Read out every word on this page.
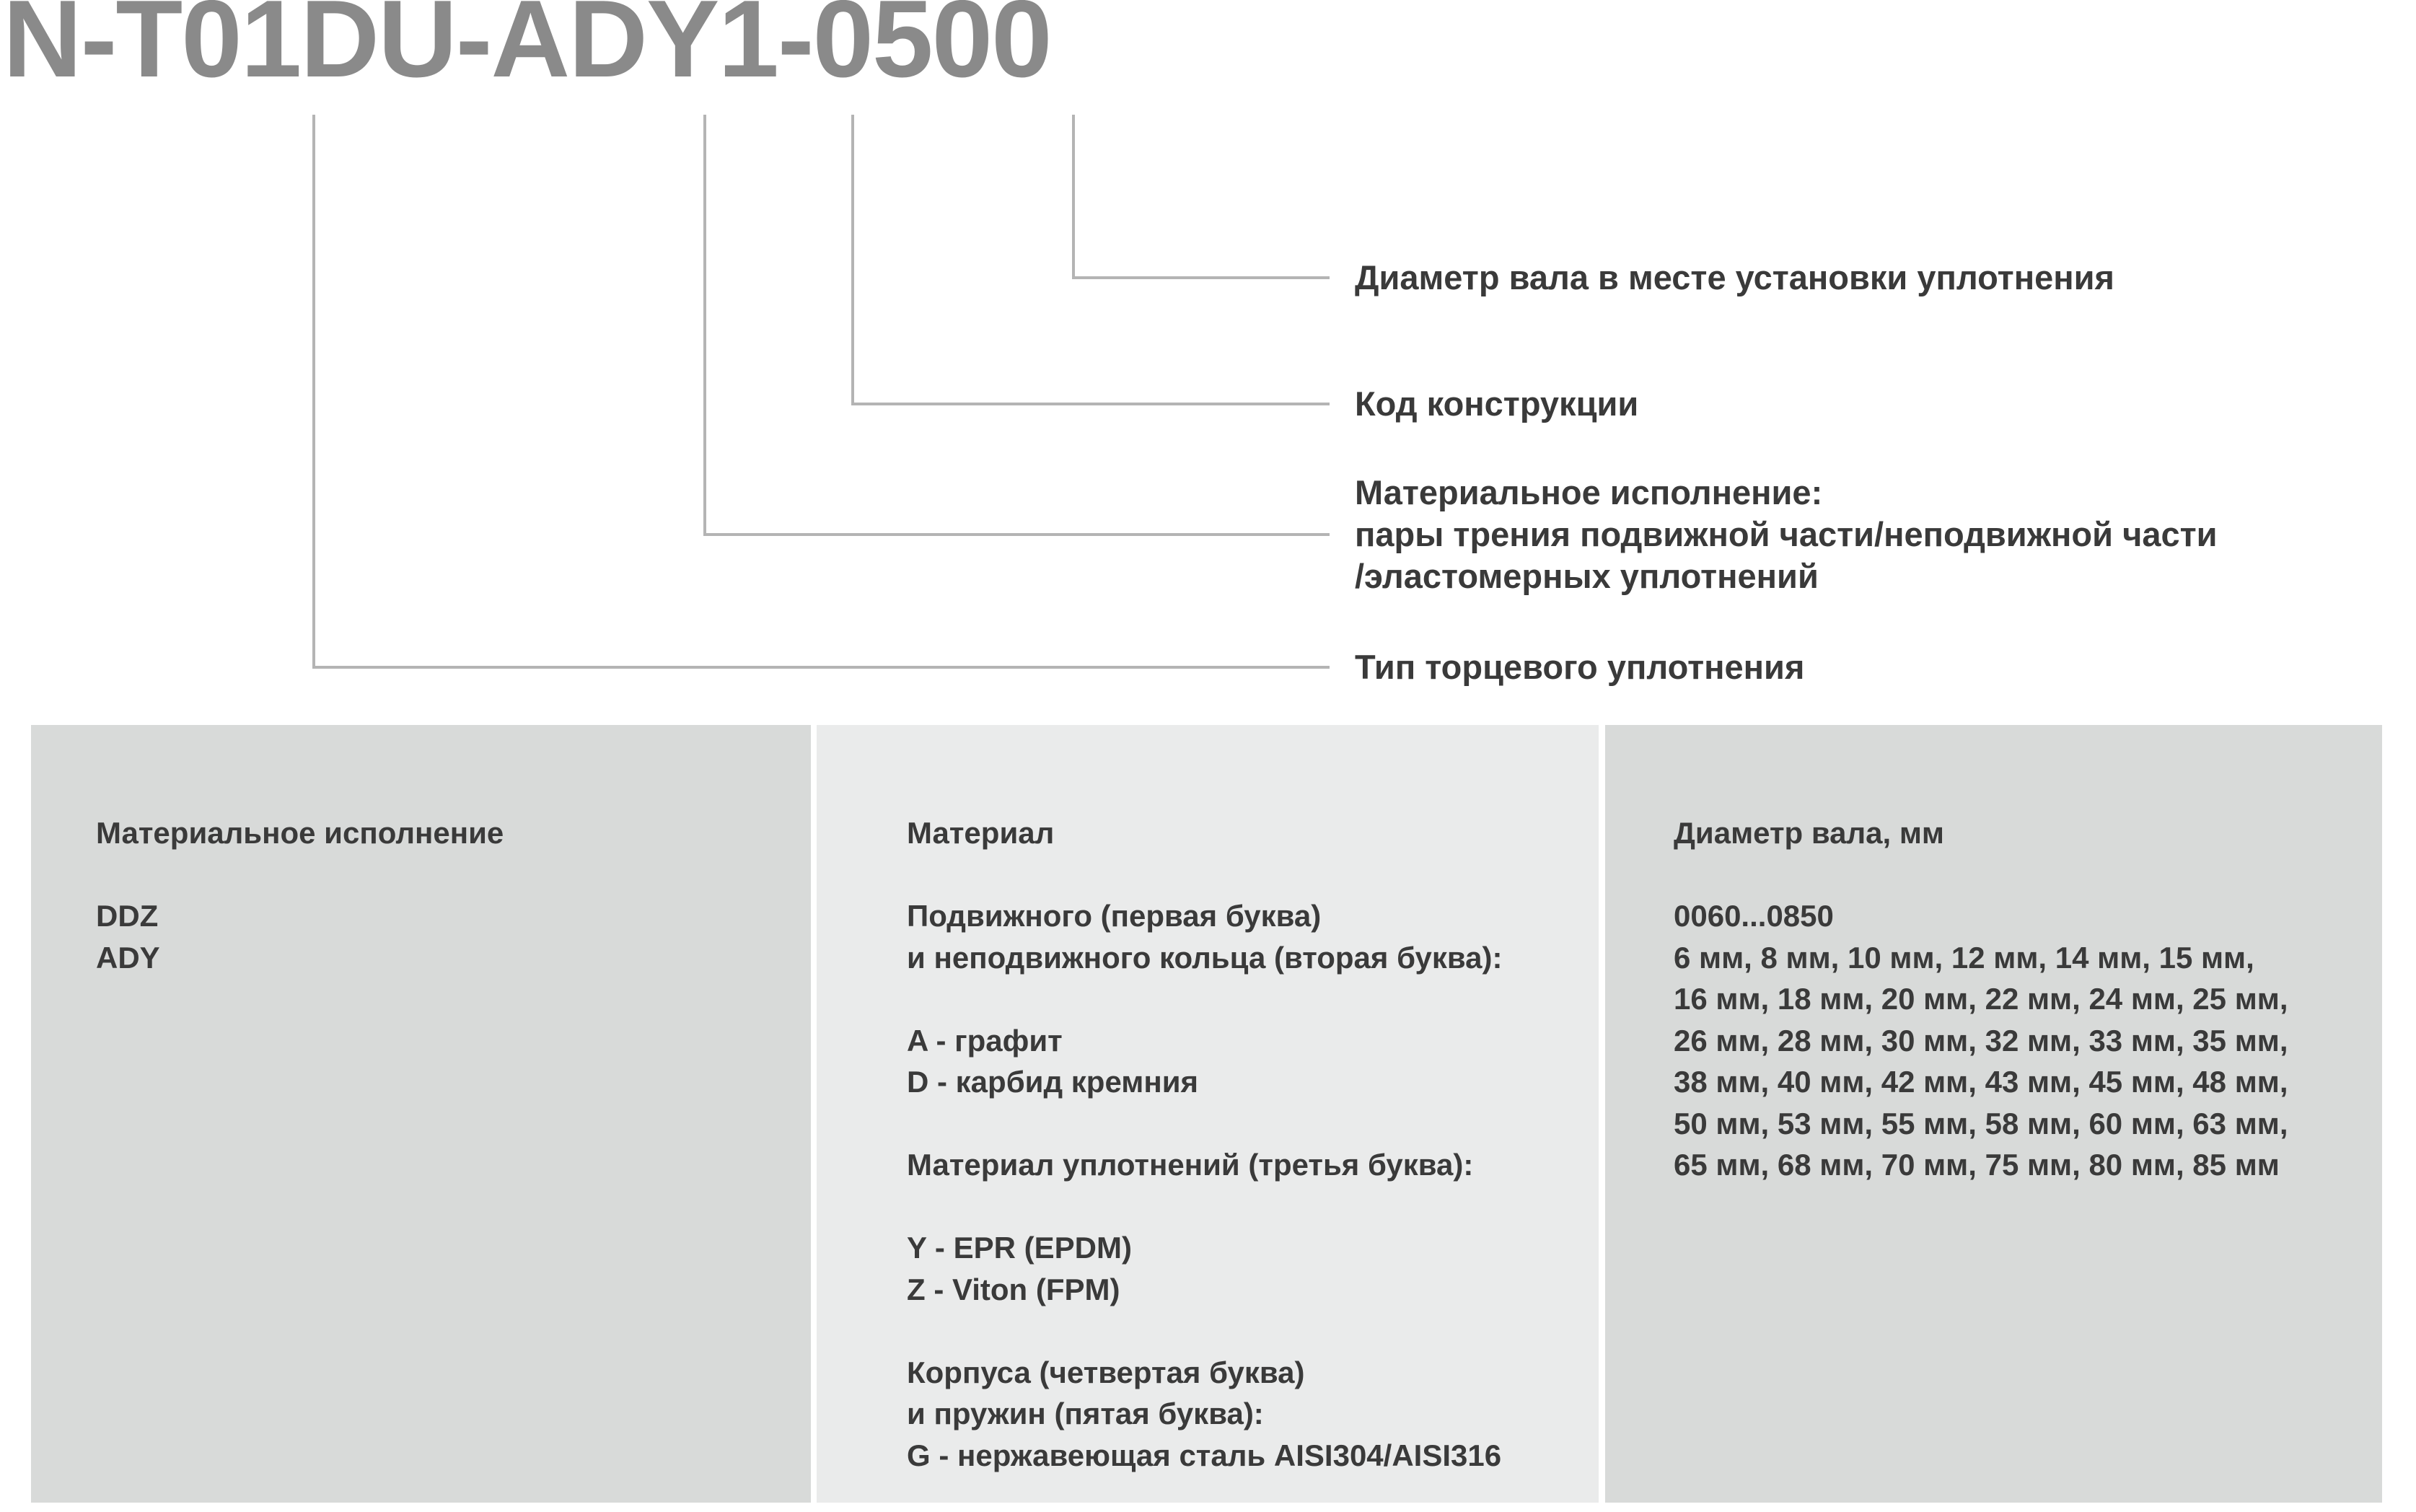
N-T01DU-ADY1-0500
Диаметр вала в месте установки уплотнения
Код конструкции
Материальное исполнение:
пары трения подвижной части/неподвижной части
/эластомерных уплотнений
Тип торцевого уплотнения
Материальное исполнение
DDZ
ADY
Материал
Подвижного (первая буква)
и неподвижного кольца (вторая буква):
A - графит
D - карбид кремния
Материал уплотнений (третья буква):
Y - EPR (EPDM)
Z - Viton (FPM)
Корпуса (четвертая буква)
и пружин (пятая буква):
G - нержавеющая сталь AISI304/AISI316
Диаметр вала, мм
0060...0850
6 мм, 8 мм, 10 мм, 12 мм, 14 мм, 15 мм,
16 мм, 18 мм, 20 мм, 22 мм, 24 мм, 25 мм,
26 мм, 28 мм, 30 мм, 32 мм, 33 мм, 35 мм,
38 мм, 40 мм, 42 мм, 43 мм, 45 мм, 48 мм,
50 мм, 53 мм, 55 мм, 58 мм, 60 мм, 63 мм,
65 мм, 68 мм, 70 мм, 75 мм, 80 мм, 85 мм
